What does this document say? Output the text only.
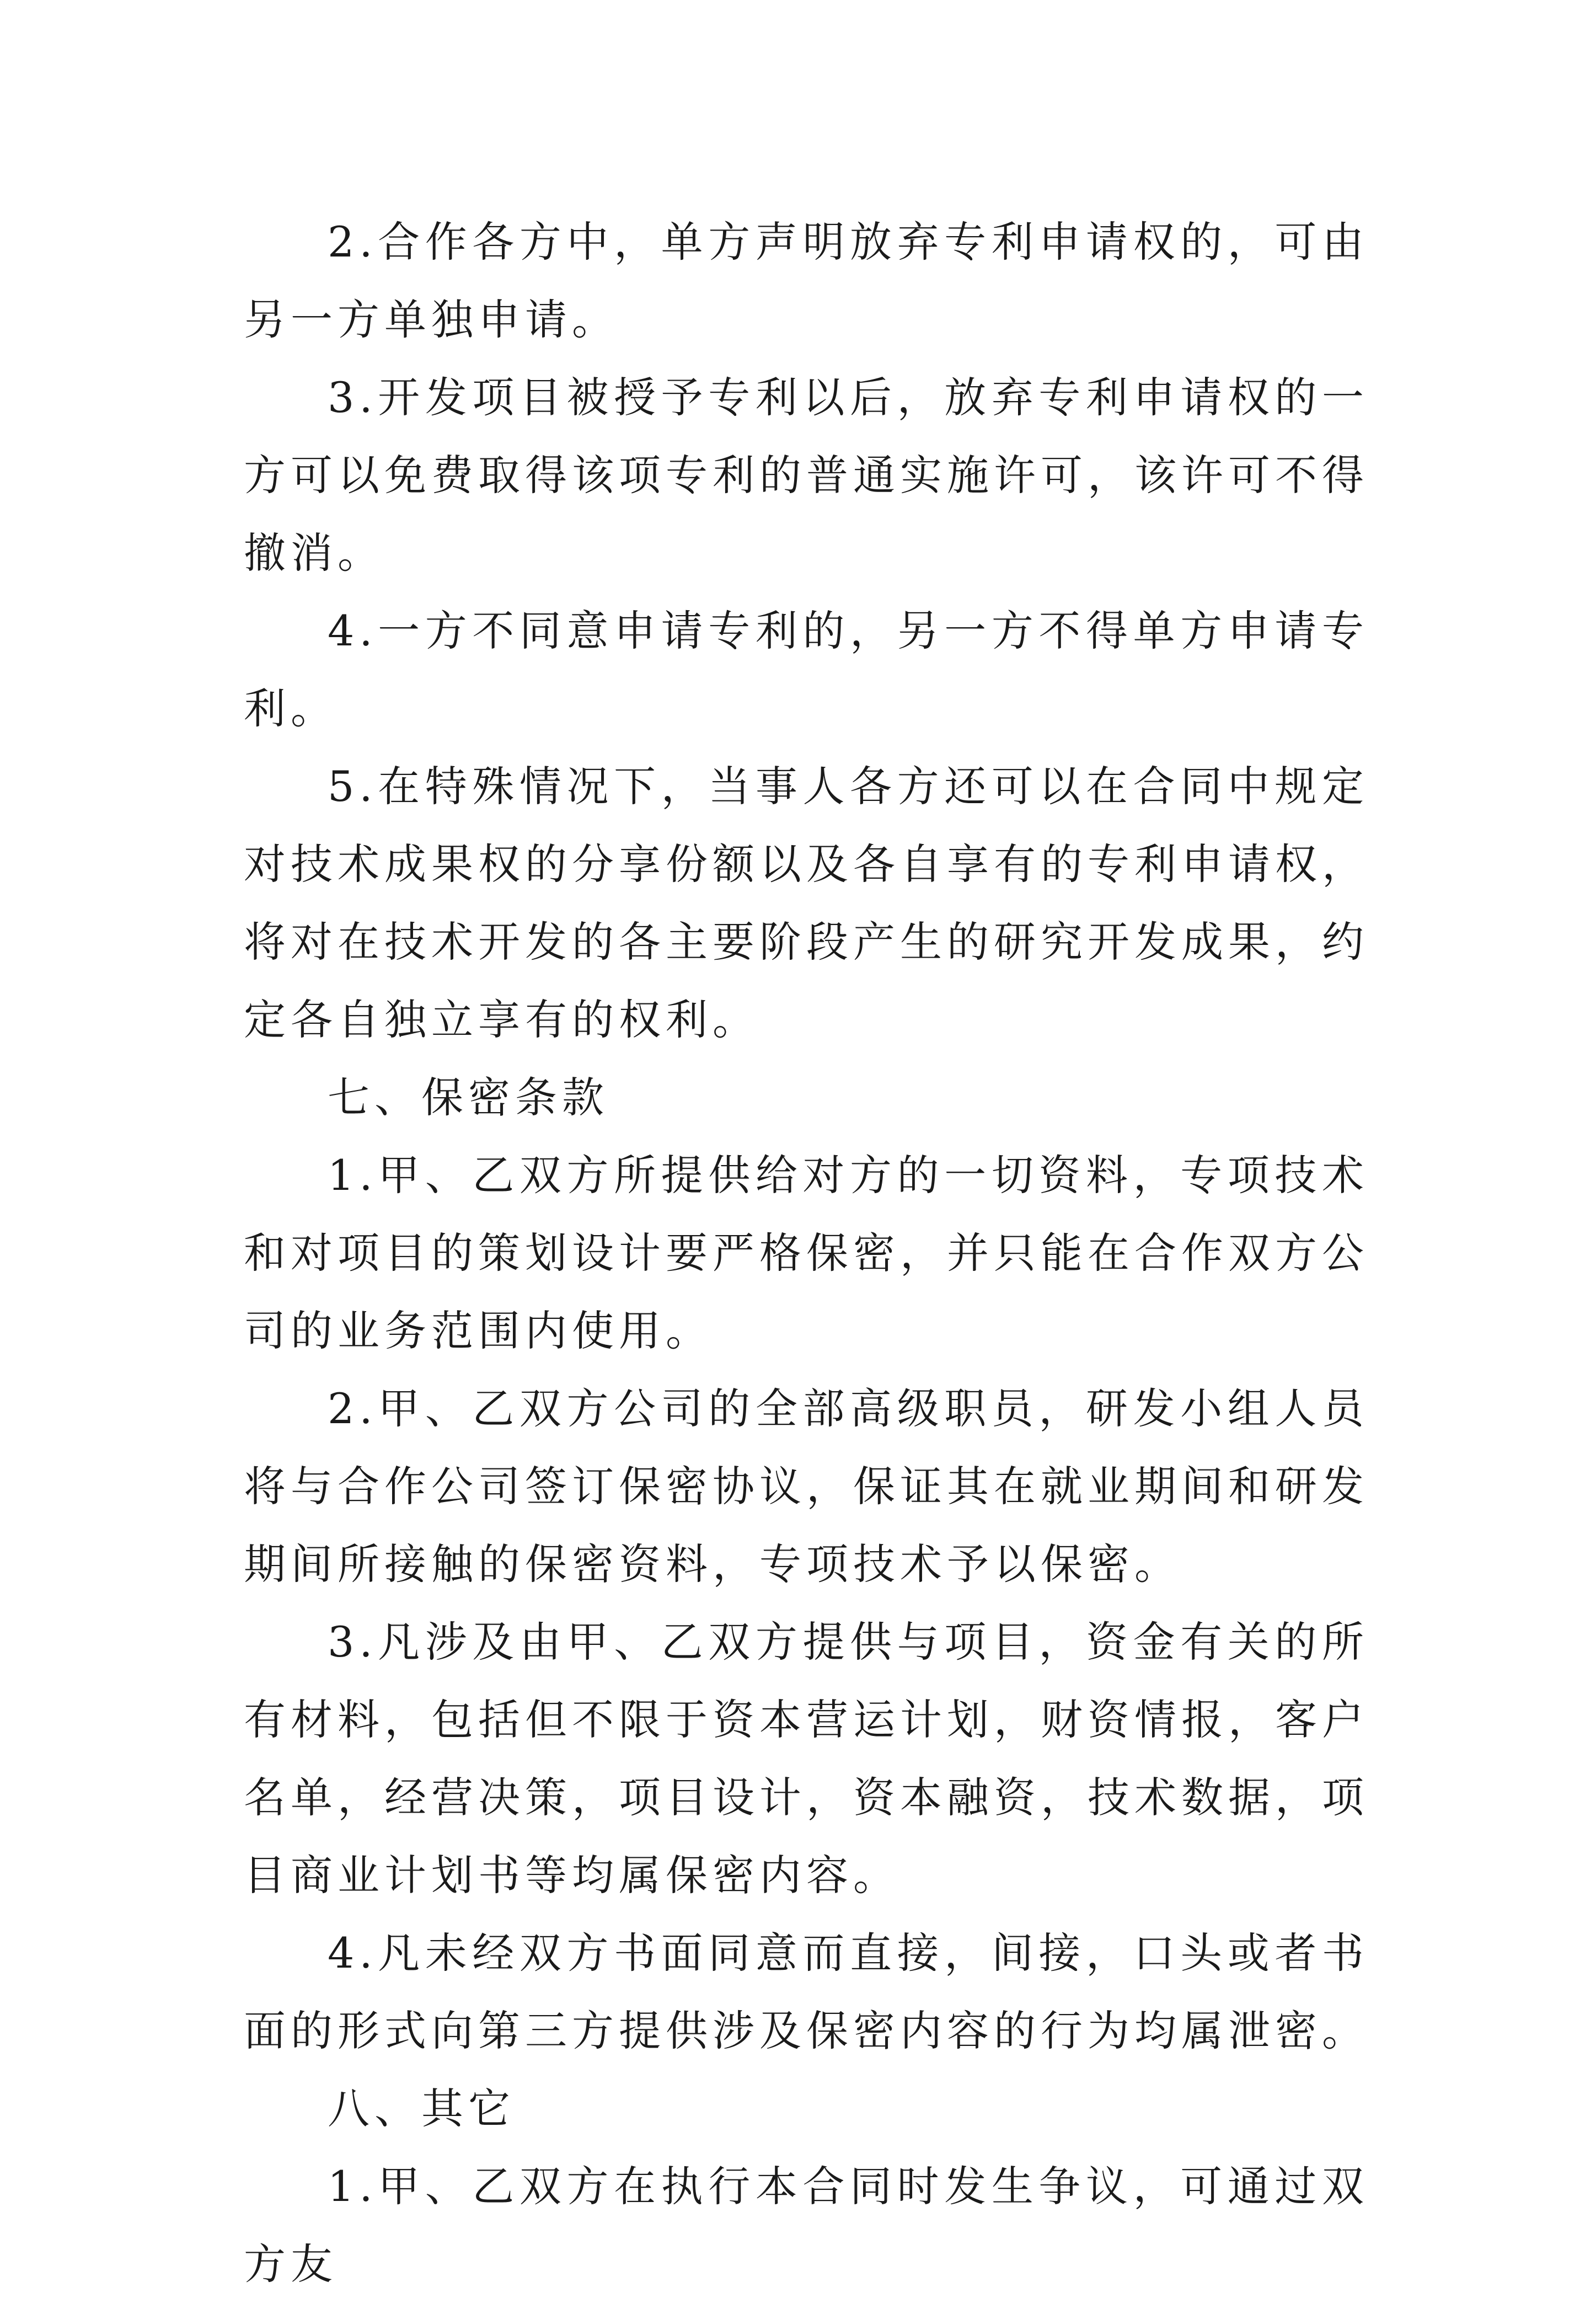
2.合作各方中，单方声明放弃专利申请权的，可由另一方单独申请。

3.开发项目被授予专利以后，放弃专利申请权的一方可以免费取得该项专利的普通实施许可，该许可不得撤消。

4.一方不同意申请专利的，另一方不得单方申请专利。

5.在特殊情况下，当事人各方还可以在合同中规定对技术成果权的分享份额以及各自享有的专利申请权，将对在技术开发的各主要阶段产生的研究开发成果，约定各自独立享有的权利。

七、保密条款

1.甲、乙双方所提供给对方的一切资料，专项技术和对项目的策划设计要严格保密，并只能在合作双方公司的业务范围内使用。

2.甲、乙双方公司的全部高级职员，研发小组人员将与合作公司签订保密协议，保证其在就业期间和研发期间所接触的保密资料，专项技术予以保密。

3.凡涉及由甲、乙双方提供与项目，资金有关的所有材料，包括但不限于资本营运计划，财资情报，客户名单，经营决策，项目设计，资本融资，技术数据，项目商业计划书等均属保密内容。

4.凡未经双方书面同意而直接，间接，口头或者书面的形式向第三方提供涉及保密内容的行为均属泄密。

八、其它

1.甲、乙双方在执行本合同时发生争议，可通过双方友
